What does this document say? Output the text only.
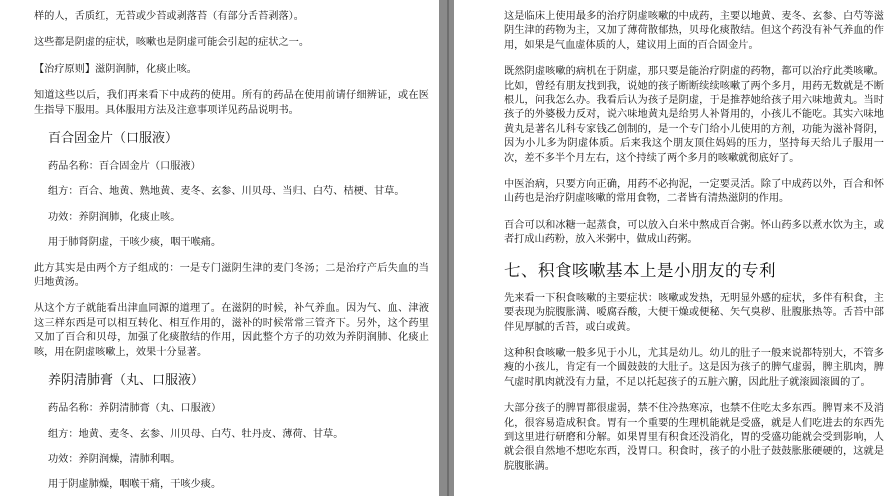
样的人，舌质红，无苔或少苔或剥落苔（有部分舌苔剥落）。

这些都是阴虚的症状，咳嗽也是阴虚可能会引起的症状之一。

【治疗原则】滋阴润肺，化痰止咳。

知道这些以后，我们再来看下中成药的使用。所有的药品在使用前请仔细辨证，或在医生指导下服用。具体服用方法及注意事项详见药品说明书。

百合固金片（口服液）
药品名称：百合固金片（口服液）
组方：百合、地黄、熟地黄、麦冬、玄参、川贝母、当归、白芍、桔梗、甘草。
功效：养阴润肺，化痰止咳。
用于肺肾阴虚，干咳少痰，咽干喉痛。

此方其实是由两个方子组成的：一是专门滋阴生津的麦门冬汤；二是治疗产后失血的当归地黄汤。

从这个方子就能看出津血同源的道理了。在滋阴的时候，补气养血。因为气、血、津液这三样东西是可以相互转化、相互作用的，滋补的时候常常三管齐下。另外，这个药里又加了百合和贝母，加强了化痰散结的作用，因此整个方子的功效为养阴润肺、化痰止咳，用在阴虚咳嗽上，效果十分显著。

养阴清肺膏（丸、口服液）
药品名称：养阴清肺膏（丸、口服液）
组方：地黄、麦冬、玄参、川贝母、白芍、牡丹皮、薄荷、甘草。
功效：养阴润燥，清肺利咽。
用于阴虚肺燥，咽喉干痛，干咳少痰。

这是临床上使用最多的治疗阴虚咳嗽的中成药，主要以地黄、麦冬、玄参、白芍等滋阴生津的药物为主，又加了薄荷散郁热，贝母化痰散结。但这个药没有补气养血的作用，如果是气血虚体质的人，建议用上面的百合固金片。

既然阴虚咳嗽的病机在于阴虚，那只要是能治疗阴虚的药物，都可以治疗此类咳嗽。比如，曾经有朋友找到我，说她的孩子断断续续咳嗽了两个多月，用药无数就是不断根儿，问我怎么办。我看后认为孩子是阴虚，于是推荐她给孩子用六味地黄丸。当时孩子的外婆极力反对，说六味地黄丸是给男人补肾用的，小孩儿不能吃。其实六味地黄丸是著名儿科专家钱乙创制的，是一个专门给小儿使用的方剂，功能为滋补肾阴，因为小儿多为阴虚体质。后来我这个朋友顶住妈妈的压力，坚持每天给儿子服用一次，差不多半个月左右，这个持续了两个多月的咳嗽就彻底好了。

中医治病，只要方向正确，用药不必拘泥，一定要灵活。除了中成药以外，百合和怀山药也是治疗阴虚咳嗽的常用食物，二者皆有清热滋阴的作用。

百合可以和冰糖一起蒸食，可以放入白米中熬成百合粥。怀山药多以煮水饮为主，或者打成山药粉，放入米粥中，做成山药粥。

七、积食咳嗽基本上是小朋友的专利

先来看一下积食咳嗽的主要症状：咳嗽或发热，无明显外感的症状，多伴有积食，主要表现为脘腹胀满、嗳腐吞酸，大便干燥或便秘、矢气臭秽、肚腹胀热等。舌苔中部伴见厚腻的舌苔，或白或黄。

这种积食咳嗽一般多见于小儿，尤其是幼儿。幼儿的肚子一般来说都特别大，不管多瘦的小孩儿，肯定有一个圆鼓鼓的大肚子。这是因为孩子的脾气虚弱，脾主肌肉，脾气虚时肌肉就没有力量，不足以托起孩子的五脏六腑，因此肚子就滚圆滚圆的了。

大部分孩子的脾胃都很虚弱，禁不住冷热寒凉，也禁不住吃太多东西。脾胃来不及消化，很容易造成积食。胃有一个重要的生理机能就是受盛，就是人们吃进去的东西先到这里进行研磨和分解。如果胃里有积食还没消化，胃的受盛功能就会受到影响，人就会很自然地不想吃东西，没胃口。积食时，孩子的小肚子鼓鼓胀胀硬硬的，这就是脘腹胀满。
